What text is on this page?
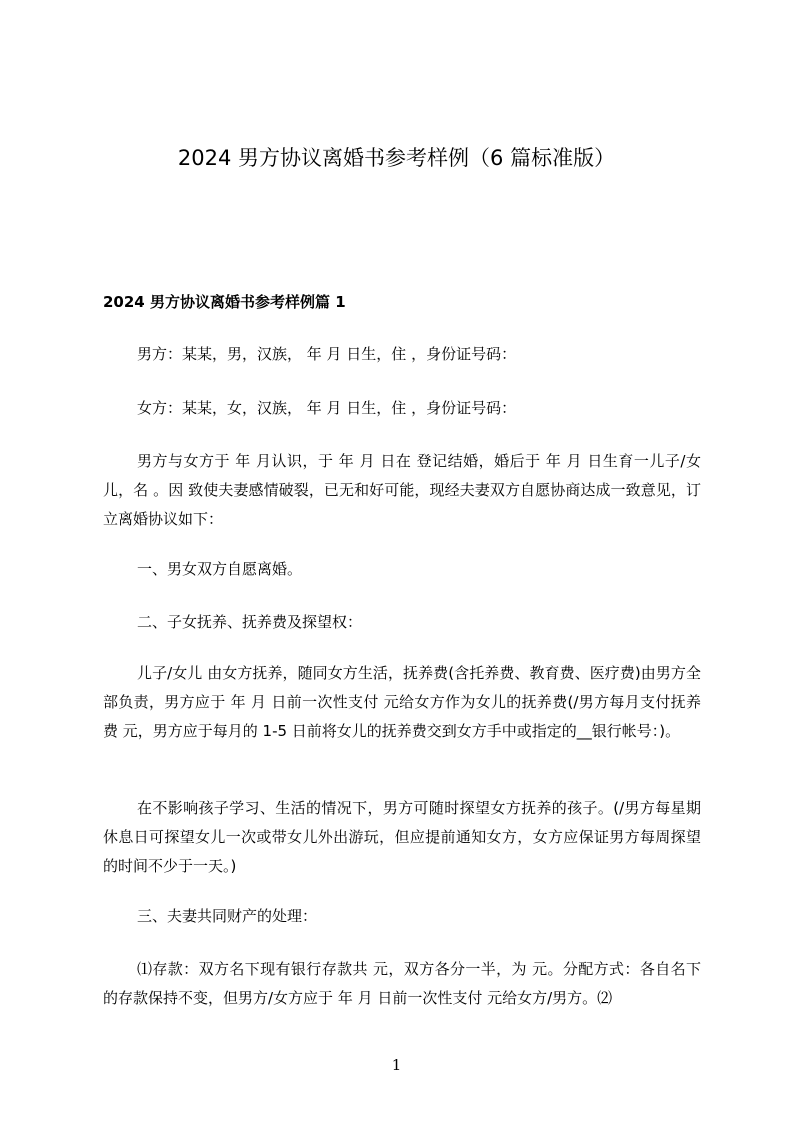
2024 男方协议离婚书参考样例（6 篇标准版）
2024 男方协议离婚书参考样例篇 1
男方：某某，男，汉族， 年 月 日生，住 ，身份证号码：
女方：某某，女，汉族， 年 月 日生，住 ，身份证号码：
男方与女方于 年 月认识，于 年 月 日在 登记结婚，婚后于 年 月 日生育一儿子/女儿，名 。因 致使夫妻感情破裂，已无和好可能，现经夫妻双方自愿协商达成一致意见，订立离婚协议如下：
一、男女双方自愿离婚。
二、子女抚养、抚养费及探望权：
儿子/女儿 由女方抚养，随同女方生活，抚养费(含托养费、教育费、医疗费)由男方全部负责，男方应于 年 月 日前一次性支付 元给女方作为女儿的抚养费(/男方每月支付抚养费 元，男方应于每月的 1-5 日前将女儿的抚养费交到女方手中或指定的__银行帐号：)。
在不影响孩子学习、生活的情况下，男方可随时探望女方抚养的孩子。(/男方每星期休息日可探望女儿一次或带女儿外出游玩，但应提前通知女方，女方应保证男方每周探望的时间不少于一天。)
三、夫妻共同财产的处理：
⑴存款：双方名下现有银行存款共 元，双方各分一半，为 元。分配方式：各自名下的存款保持不变，但男方/女方应于 年 月 日前一次性支付 元给女方/男方。⑵
1
